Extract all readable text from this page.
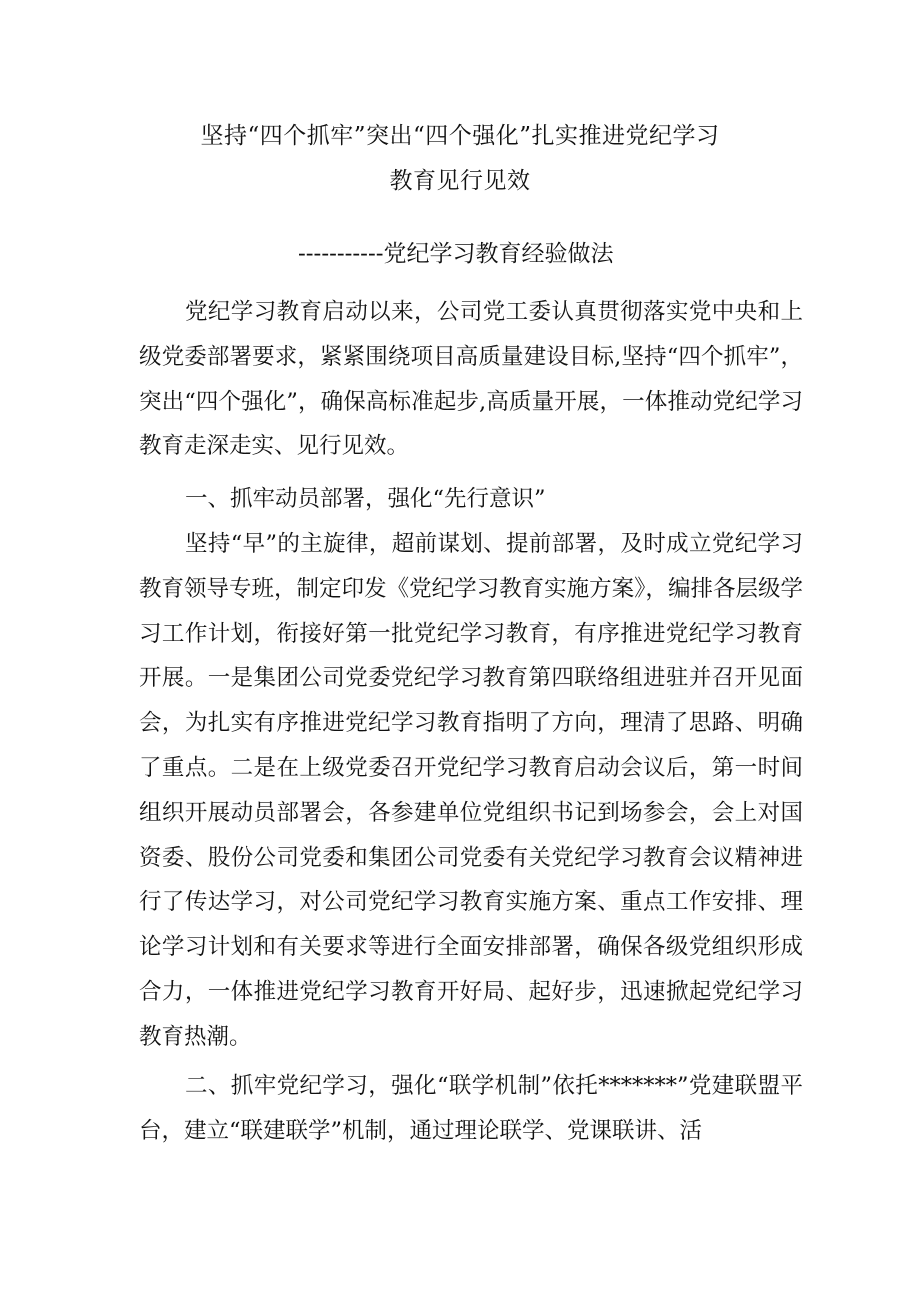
坚持“四个抓牢”突出“四个强化”扎实推进党纪学习
教育见行见效
-----------党纪学习教育经验做法

党纪学习教育启动以来，公司党工委认真贯彻落实党中央和上级党委部署要求，紧紧围绕项目高质量建设目标,坚持“四个抓牢”，突出“四个强化”，确保高标准起步,高质量开展，一体推动党纪学习教育走深走实、见行见效。

一、抓牢动员部署，强化“先行意识”

坚持“早”的主旋律，超前谋划、提前部署，及时成立党纪学习教育领导专班，制定印发《党纪学习教育实施方案》，编排各层级学习工作计划，衔接好第一批党纪学习教育，有序推进党纪学习教育开展。一是集团公司党委党纪学习教育第四联络组进驻并召开见面会，为扎实有序推进党纪学习教育指明了方向，理清了思路、明确了重点。二是在上级党委召开党纪学习教育启动会议后，第一时间组织开展动员部署会，各参建单位党组织书记到场参会，会上对国资委、股份公司党委和集团公司党委有关党纪学习教育会议精神进行了传达学习，对公司党纪学习教育实施方案、重点工作安排、理论学习计划和有关要求等进行全面安排部署，确保各级党组织形成合力，一体推进党纪学习教育开好局、起好步，迅速掀起党纪学习教育热潮。

二、抓牢党纪学习，强化“联学机制”依托*******”党建联盟平台，建立“联建联学”机制，通过理论联学、党课联讲、活
